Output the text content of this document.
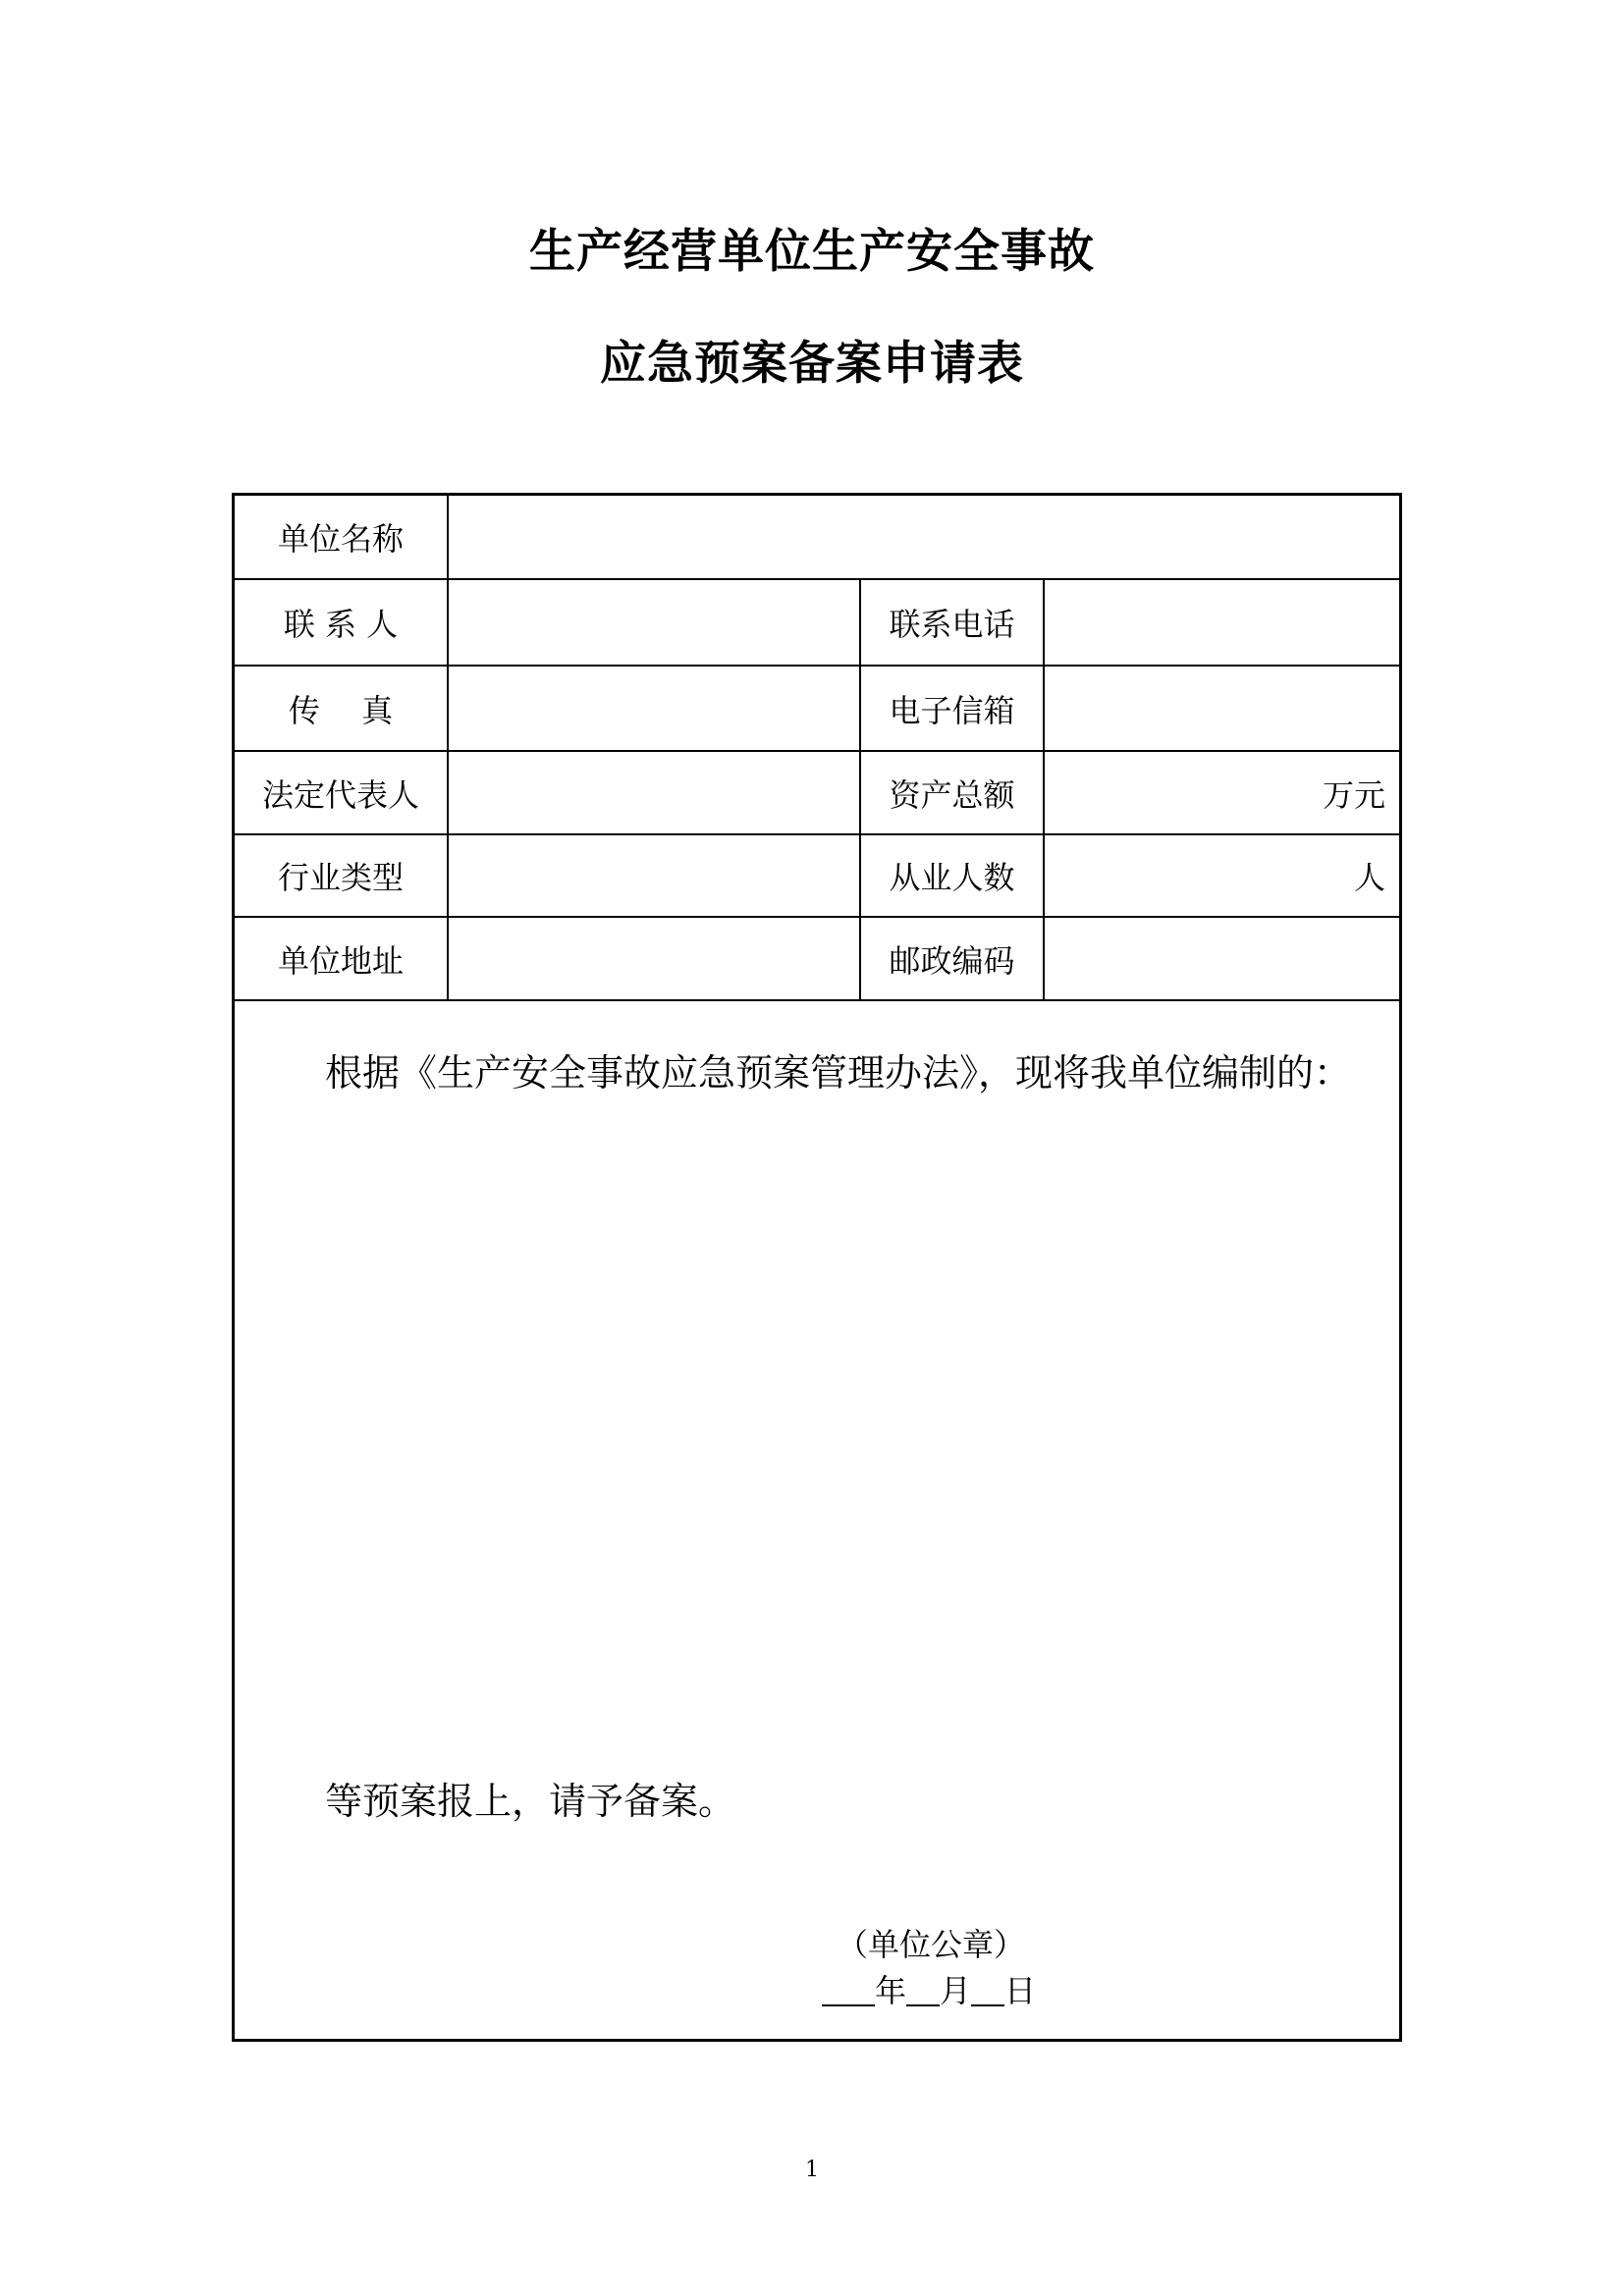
生产经营单位生产安全事故
应急预案备案申请表
单位名称
联 系 人	联系电话
传　 真	电子信箱
法定代表人	资产总额	万元
行业类型	从业人数	人
单位地址	邮政编码
根据《生产安全事故应急预案管理办法》，现将我单位编制的：
等预案报上，请予备案。
（单位公章）
年 月 日
1
